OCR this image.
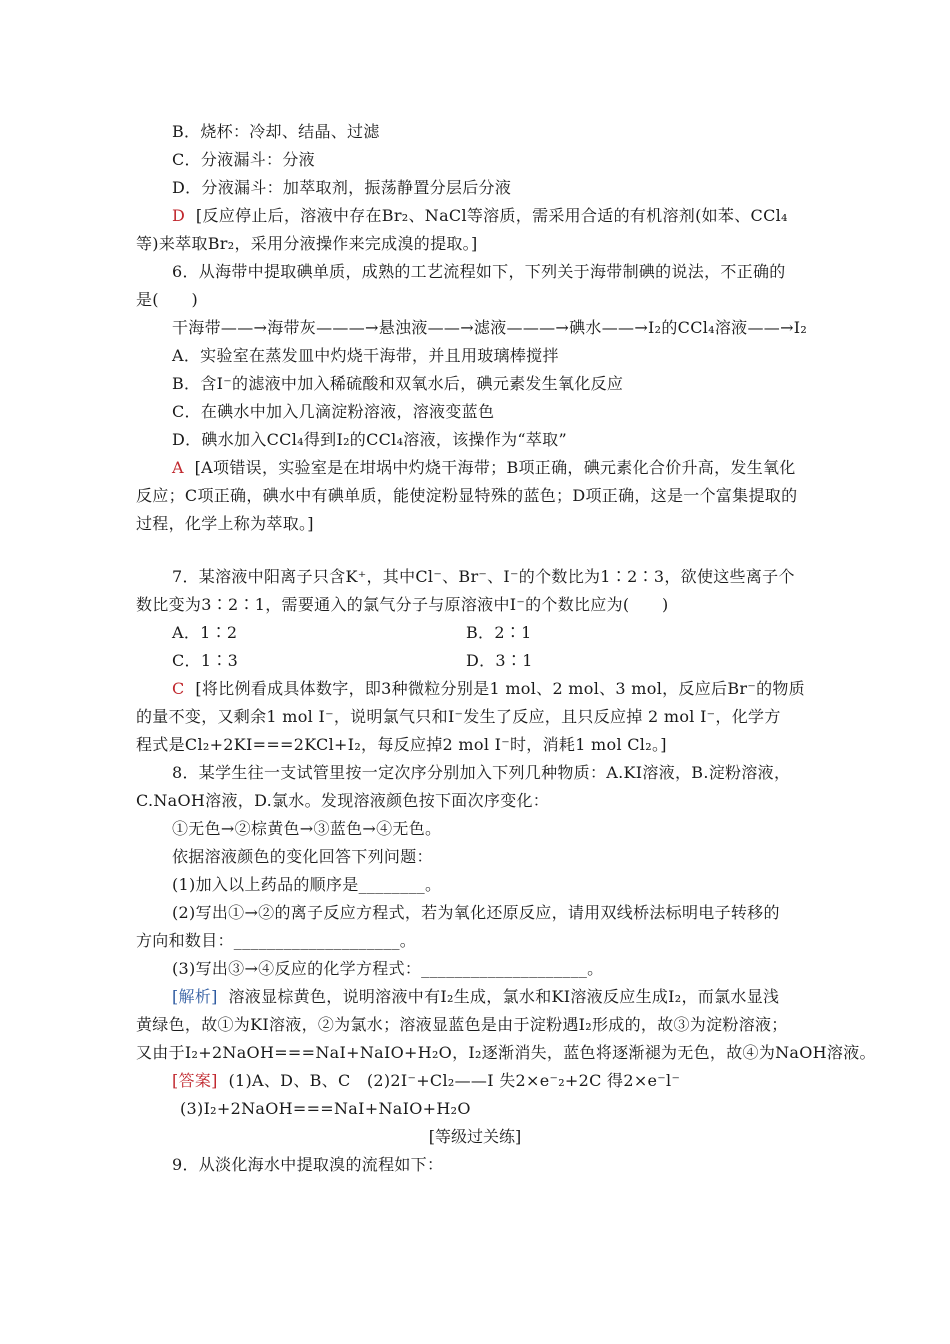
B．烧杯：冷却、结晶、过滤
C．分液漏斗：分液
D．分液漏斗：加萃取剂，振荡静置分层后分液
D [反应停止后，溶液中存在Br₂、NaCl等溶质，需采用合适的有机溶剂(如苯、CCl₄
等)来萃取Br₂，采用分液操作来完成溴的提取。]
6．从海带中提取碘单质，成熟的工艺流程如下，下列关于海带制碘的说法，不正确的
是(　　)
干海带——→海带灰———→悬浊液——→滤液———→碘水——→I₂的CCl₄溶液——→I₂
A．实验室在蒸发皿中灼烧干海带，并且用玻璃棒搅拌
B．含I⁻的滤液中加入稀硫酸和双氧水后，碘元素发生氧化反应
C．在碘水中加入几滴淀粉溶液，溶液变蓝色
D．碘水加入CCl₄得到I₂的CCl₄溶液，该操作为“萃取”
A [A项错误，实验室是在坩埚中灼烧干海带；B项正确，碘元素化合价升高，发生氧化
反应；C项正确，碘水中有碘单质，能使淀粉显特殊的蓝色；D项正确，这是一个富集提取的
过程，化学上称为萃取。]
7．某溶液中阳离子只含K⁺，其中Cl⁻、Br⁻、I⁻的个数比为1∶2∶3，欲使这些离子个
数比变为3∶2∶1，需要通入的氯气分子与原溶液中I⁻的个数比应为(　　)
A．1∶2	B．2∶1
C．1∶3	D．3∶1
C [将比例看成具体数字，即3种微粒分别是1 mol、2 mol、3 mol，反应后Br⁻的物质
的量不变，又剩余1 mol I⁻，说明氯气只和I⁻发生了反应，且只反应掉 2 mol I⁻，化学方
程式是Cl₂+2KI===2KCl+I₂，每反应掉2 mol I⁻时，消耗1 mol Cl₂。]
8．某学生往一支试管里按一定次序分别加入下列几种物质：A.KI溶液，B.淀粉溶液，
C.NaOH溶液，D.氯水。发现溶液颜色按下面次序变化：
①无色→②棕黄色→③蓝色→④无色。
依据溶液颜色的变化回答下列问题：
(1)加入以上药品的顺序是________。
(2)写出①→②的离子反应方程式，若为氧化还原反应，请用双线桥法标明电子转移的
方向和数目：____________________。
(3)写出③→④反应的化学方程式：____________________。
[解析] 溶液显棕黄色，说明溶液中有I₂生成，氯水和KI溶液反应生成I₂，而氯水显浅
黄绿色，故①为KI溶液，②为氯水；溶液显蓝色是由于淀粉遇I₂形成的，故③为淀粉溶液；
又由于I₂+2NaOH===NaI+NaIO+H₂O，I₂逐渐消失，蓝色将逐渐褪为无色，故④为NaOH溶液。
[答案] (1)A、D、B、C　(2)2I⁻+Cl₂——I 失2×e⁻₂+2C 得2×e⁻l⁻
(3)I₂+2NaOH===NaI+NaIO+H₂O
[等级过关练]
9．从淡化海水中提取溴的流程如下：
